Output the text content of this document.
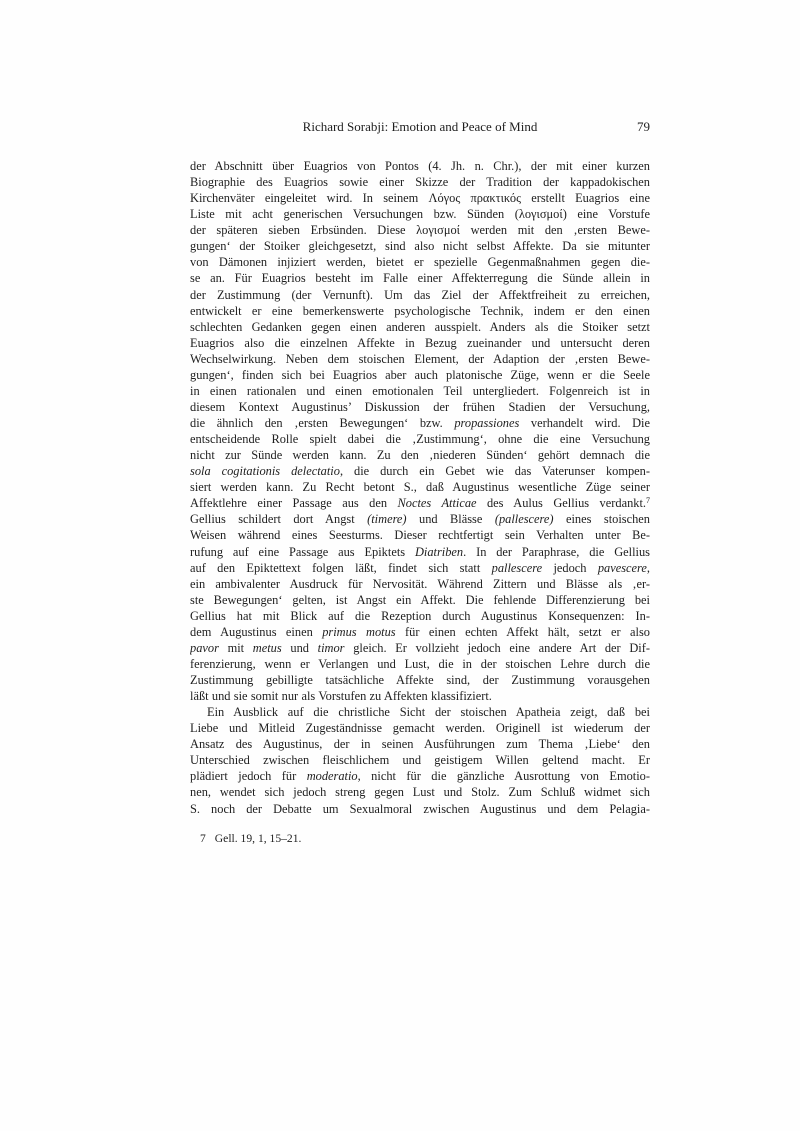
Richard Sorabji: Emotion and Peace of Mind	79
der Abschnitt über Euagrios von Pontos (4. Jh. n. Chr.), der mit einer kurzen
Biographie des Euagrios sowie einer Skizze der Tradition der kappadokischen
Kirchenväter eingeleitet wird. In seinem Λόγος πρακτικός erstellt Euagrios eine
Liste mit acht generischen Versuchungen bzw. Sünden (λογισμοί) eine Vorstufe
der späteren sieben Erbsünden. Diese λογισμοί werden mit den ‚ersten Bewe-
gungen‘ der Stoiker gleichgesetzt, sind also nicht selbst Affekte. Da sie mitunter
von Dämonen injiziert werden, bietet er spezielle Gegenmaßnahmen gegen die-
se an. Für Euagrios besteht im Falle einer Affekterregung die Sünde allein in
der Zustimmung (der Vernunft). Um das Ziel der Affektfreiheit zu erreichen,
entwickelt er eine bemerkenswerte psychologische Technik, indem er den einen
schlechten Gedanken gegen einen anderen ausspielt. Anders als die Stoiker setzt
Euagrios also die einzelnen Affekte in Bezug zueinander und untersucht deren
Wechselwirkung. Neben dem stoischen Element, der Adaption der ‚ersten Bewe-
gungen‘, finden sich bei Euagrios aber auch platonische Züge, wenn er die Seele
in einen rationalen und einen emotionalen Teil untergliedert. Folgenreich ist in
diesem Kontext Augustinus’ Diskussion der frühen Stadien der Versuchung,
die ähnlich den ‚ersten Bewegungen‘ bzw. propassiones verhandelt wird. Die
entscheidende Rolle spielt dabei die ‚Zustimmung‘, ohne die eine Versuchung
nicht zur Sünde werden kann. Zu den ‚niederen Sünden‘ gehört demnach die
sola cogitationis delectatio, die durch ein Gebet wie das Vaterunser kompen-
siert werden kann. Zu Recht betont S., daß Augustinus wesentliche Züge seiner
Affektlehre einer Passage aus den Noctes Atticae des Aulus Gellius verdankt.$^7$
Gellius schildert dort Angst (timere) und Blässe (pallescere) eines stoischen
Weisen während eines Seesturms. Dieser rechtfertigt sein Verhalten unter Be-
rufung auf eine Passage aus Epiktets Diatriben. In der Paraphrase, die Gellius
auf den Epiktettext folgen läßt, findet sich statt pallescere jedoch pavescere,
ein ambivalenter Ausdruck für Nervosität. Während Zittern und Blässe als ‚er-
ste Bewegungen‘ gelten, ist Angst ein Affekt. Die fehlende Differenzierung bei
Gellius hat mit Blick auf die Rezeption durch Augustinus Konsequenzen: In-
dem Augustinus einen primus motus für einen echten Affekt hält, setzt er also
pavor mit metus und timor gleich. Er vollzieht jedoch eine andere Art der Dif-
ferenzierung, wenn er Verlangen und Lust, die in der stoischen Lehre durch die
Zustimmung gebilligte tatsächliche Affekte sind, der Zustimmung vorausgehen
läßt und sie somit nur als Vorstufen zu Affekten klassifiziert.
Ein Ausblick auf die christliche Sicht der stoischen Apatheia zeigt, daß bei
Liebe und Mitleid Zugeständnisse gemacht werden. Originell ist wiederum der
Ansatz des Augustinus, der in seinen Ausführungen zum Thema ‚Liebe‘ den
Unterschied zwischen fleischlichem und geistigem Willen geltend macht. Er
plädiert jedoch für moderatio, nicht für die gänzliche Ausrottung von Emotio-
nen, wendet sich jedoch streng gegen Lust und Stolz. Zum Schluß widmet sich
S. noch der Debatte um Sexualmoral zwischen Augustinus und dem Pelagia-
7 Gell. 19, 1, 15–21.
